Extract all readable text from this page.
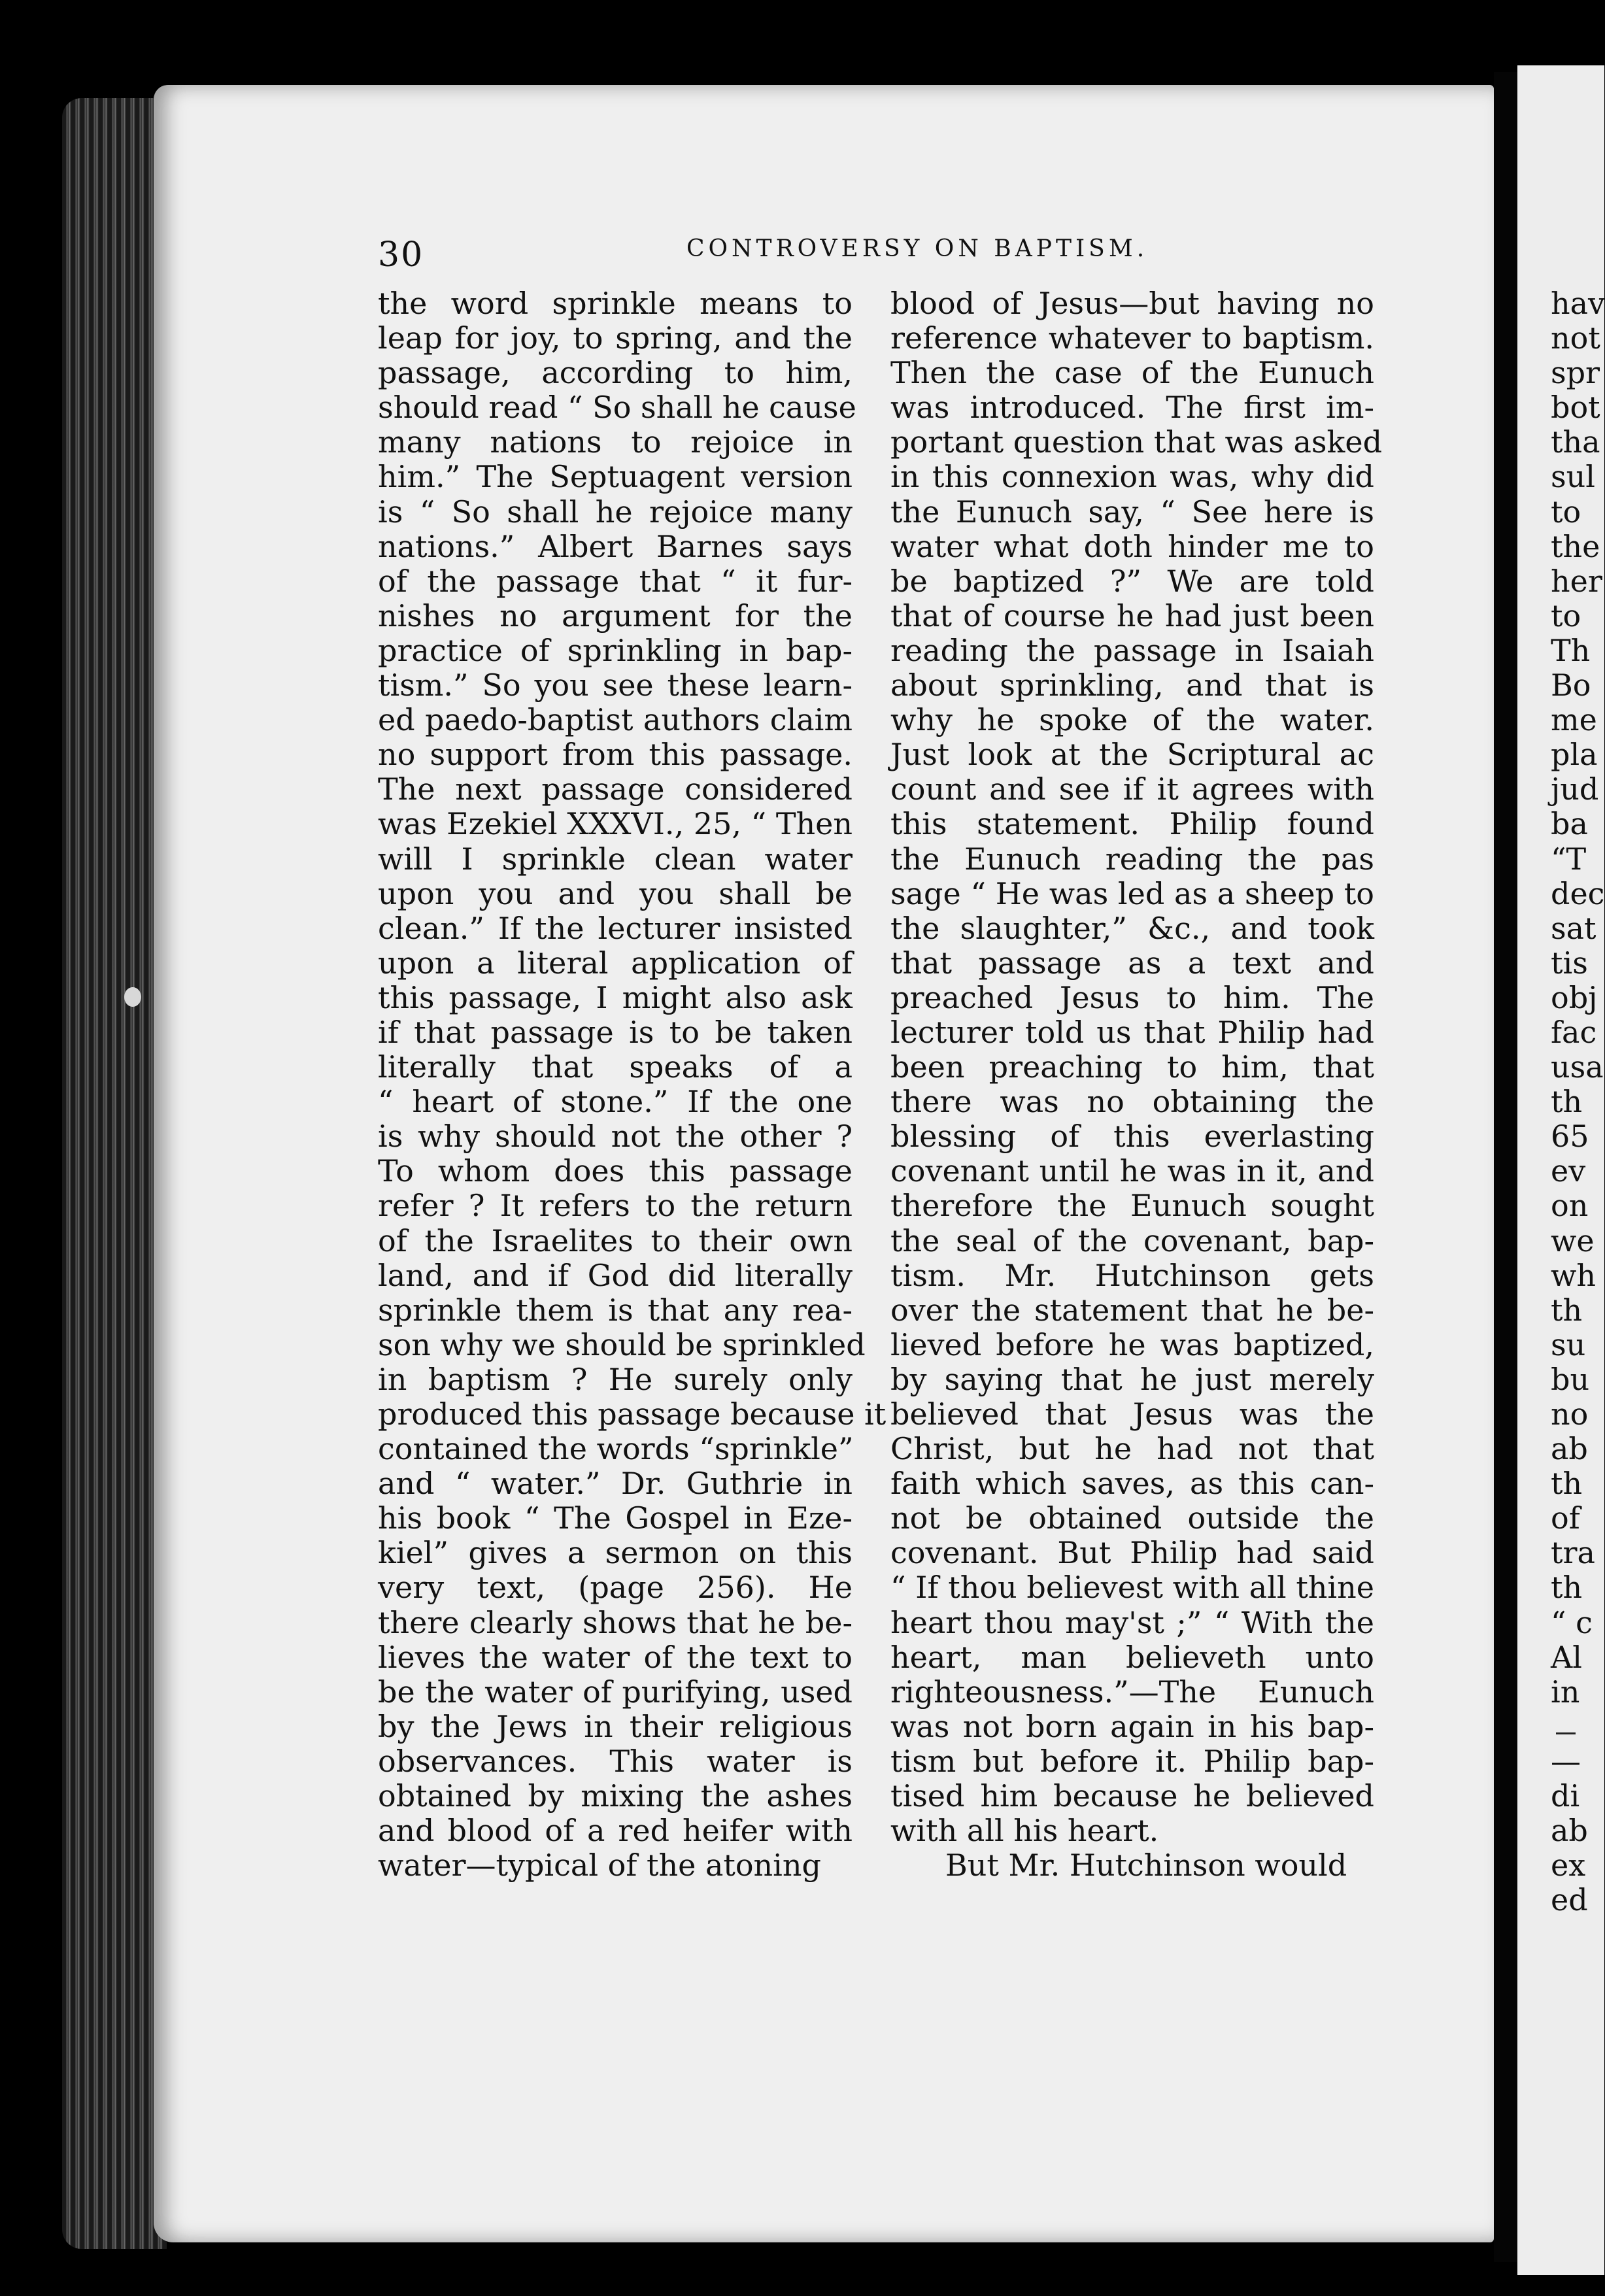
30	CONTROVERSY ON BAPTISM.
the word sprinkle means to
leap for joy, to spring, and the
passage, according to him,
should read “ So shall he cause
many nations to rejoice in
him.” The Septuagent version
is “ So shall he rejoice many
nations.” Albert Barnes says
of the passage that “ it fur-
nishes no argument for the
practice of sprinkling in bap-
tism.” So you see these learn-
ed paedo-baptist authors claim
no support from this passage.
The next passage considered
was Ezekiel XXXVI., 25, “ Then
will I sprinkle clean water
upon you and you shall be
clean.” If the lecturer insisted
upon a literal application of
this passage, I might also ask
if that passage is to be taken
literally that speaks of a
“ heart of stone.” If the one
is why should not the other ?
To whom does this passage
refer ? It refers to the return
of the Israelites to their own
land, and if God did literally
sprinkle them is that any rea-
son why we should be sprinkled
in baptism ? He surely only
produced this passage because it
contained the words “sprinkle”
and “ water.” Dr. Guthrie in
his book “ The Gospel in Eze-
kiel” gives a sermon on this
very text, (page 256). He
there clearly shows that he be-
lieves the water of the text to
be the water of purifying, used
by the Jews in their religious
observances. This water is
obtained by mixing the ashes
and blood of a red heifer with
water—typical of the atoning
blood of Jesus—but having no
reference whatever to baptism.
Then the case of the Eunuch
was introduced. The first im-
portant question that was asked
in this connexion was, why did
the Eunuch say, “ See here is
water what doth hinder me to
be baptized ?” We are told
that of course he had just been
reading the passage in Isaiah
about sprinkling, and that is
why he spoke of the water.
Just look at the Scriptural ac
count and see if it agrees with
this statement. Philip found
the Eunuch reading the pas
sage “ He was led as a sheep to
the slaughter,” &c., and took
that passage as a text and
preached Jesus to him. The
lecturer told us that Philip had
been preaching to him, that
there was no obtaining the
blessing of this everlasting
covenant until he was in it, and
therefore the Eunuch sought
the seal of the covenant, bap-
tism. Mr. Hutchinson gets
over the statement that he be-
lieved before he was baptized,
by saying that he just merely
believed that Jesus was the
Christ, but he had not that
faith which saves, as this can-
not be obtained outside the
covenant. But Philip had said
“ If thou believest with all thine
heart thou may'st ;” “ With the
heart, man believeth unto
righteousness.”—The Eunuch
was not born again in his bap-
tism but before it. Philip bap-
tised him because he believed
with all his heart.
But Mr. Hutchinson would
hav
not
spr
bot
tha
sul
to
the
her
to
Th
Bo
me
pla
jud
ba
“T
dec
sat
tis
obj
fac
usa
th
65
ev
on
we
wh
th
su
bu
no
ab
th
of
tra
th
“ c
Al
in
—
di
ab
ex
ed
